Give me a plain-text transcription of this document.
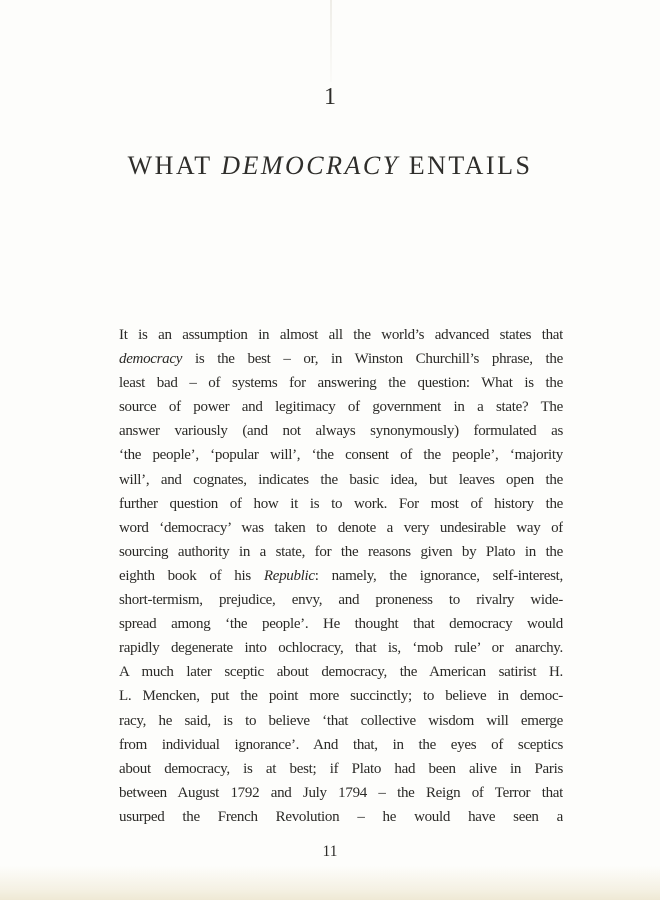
1
WHAT DEMOCRACY ENTAILS
It is an assumption in almost all the world’s advanced states that
democracy is the best – or, in Winston Churchill’s phrase, the
least bad – of systems for answering the question: What is the
source of power and legitimacy of government in a state? The
answer variously (and not always synonymously) formulated as
‘the people’, ‘popular will’, ‘the consent of the people’, ‘majority
will’, and cognates, indicates the basic idea, but leaves open the
further question of how it is to work. For most of history the
word ‘democracy’ was taken to denote a very undesirable way of
sourcing authority in a state, for the reasons given by Plato in the
eighth book of his Republic: namely, the ignorance, self-interest,
short-termism, prejudice, envy, and proneness to rivalry wide-
spread among ‘the people’. He thought that democracy would
rapidly degenerate into ochlocracy, that is, ‘mob rule’ or anarchy.
A much later sceptic about democracy, the American satirist H.
L. Mencken, put the point more succinctly; to believe in democ-
racy, he said, is to believe ‘that collective wisdom will emerge
from individual ignorance’. And that, in the eyes of sceptics
about democracy, is at best; if Plato had been alive in Paris
between August 1792 and July 1794 – the Reign of Terror that
usurped the French Revolution – he would have seen a
11
